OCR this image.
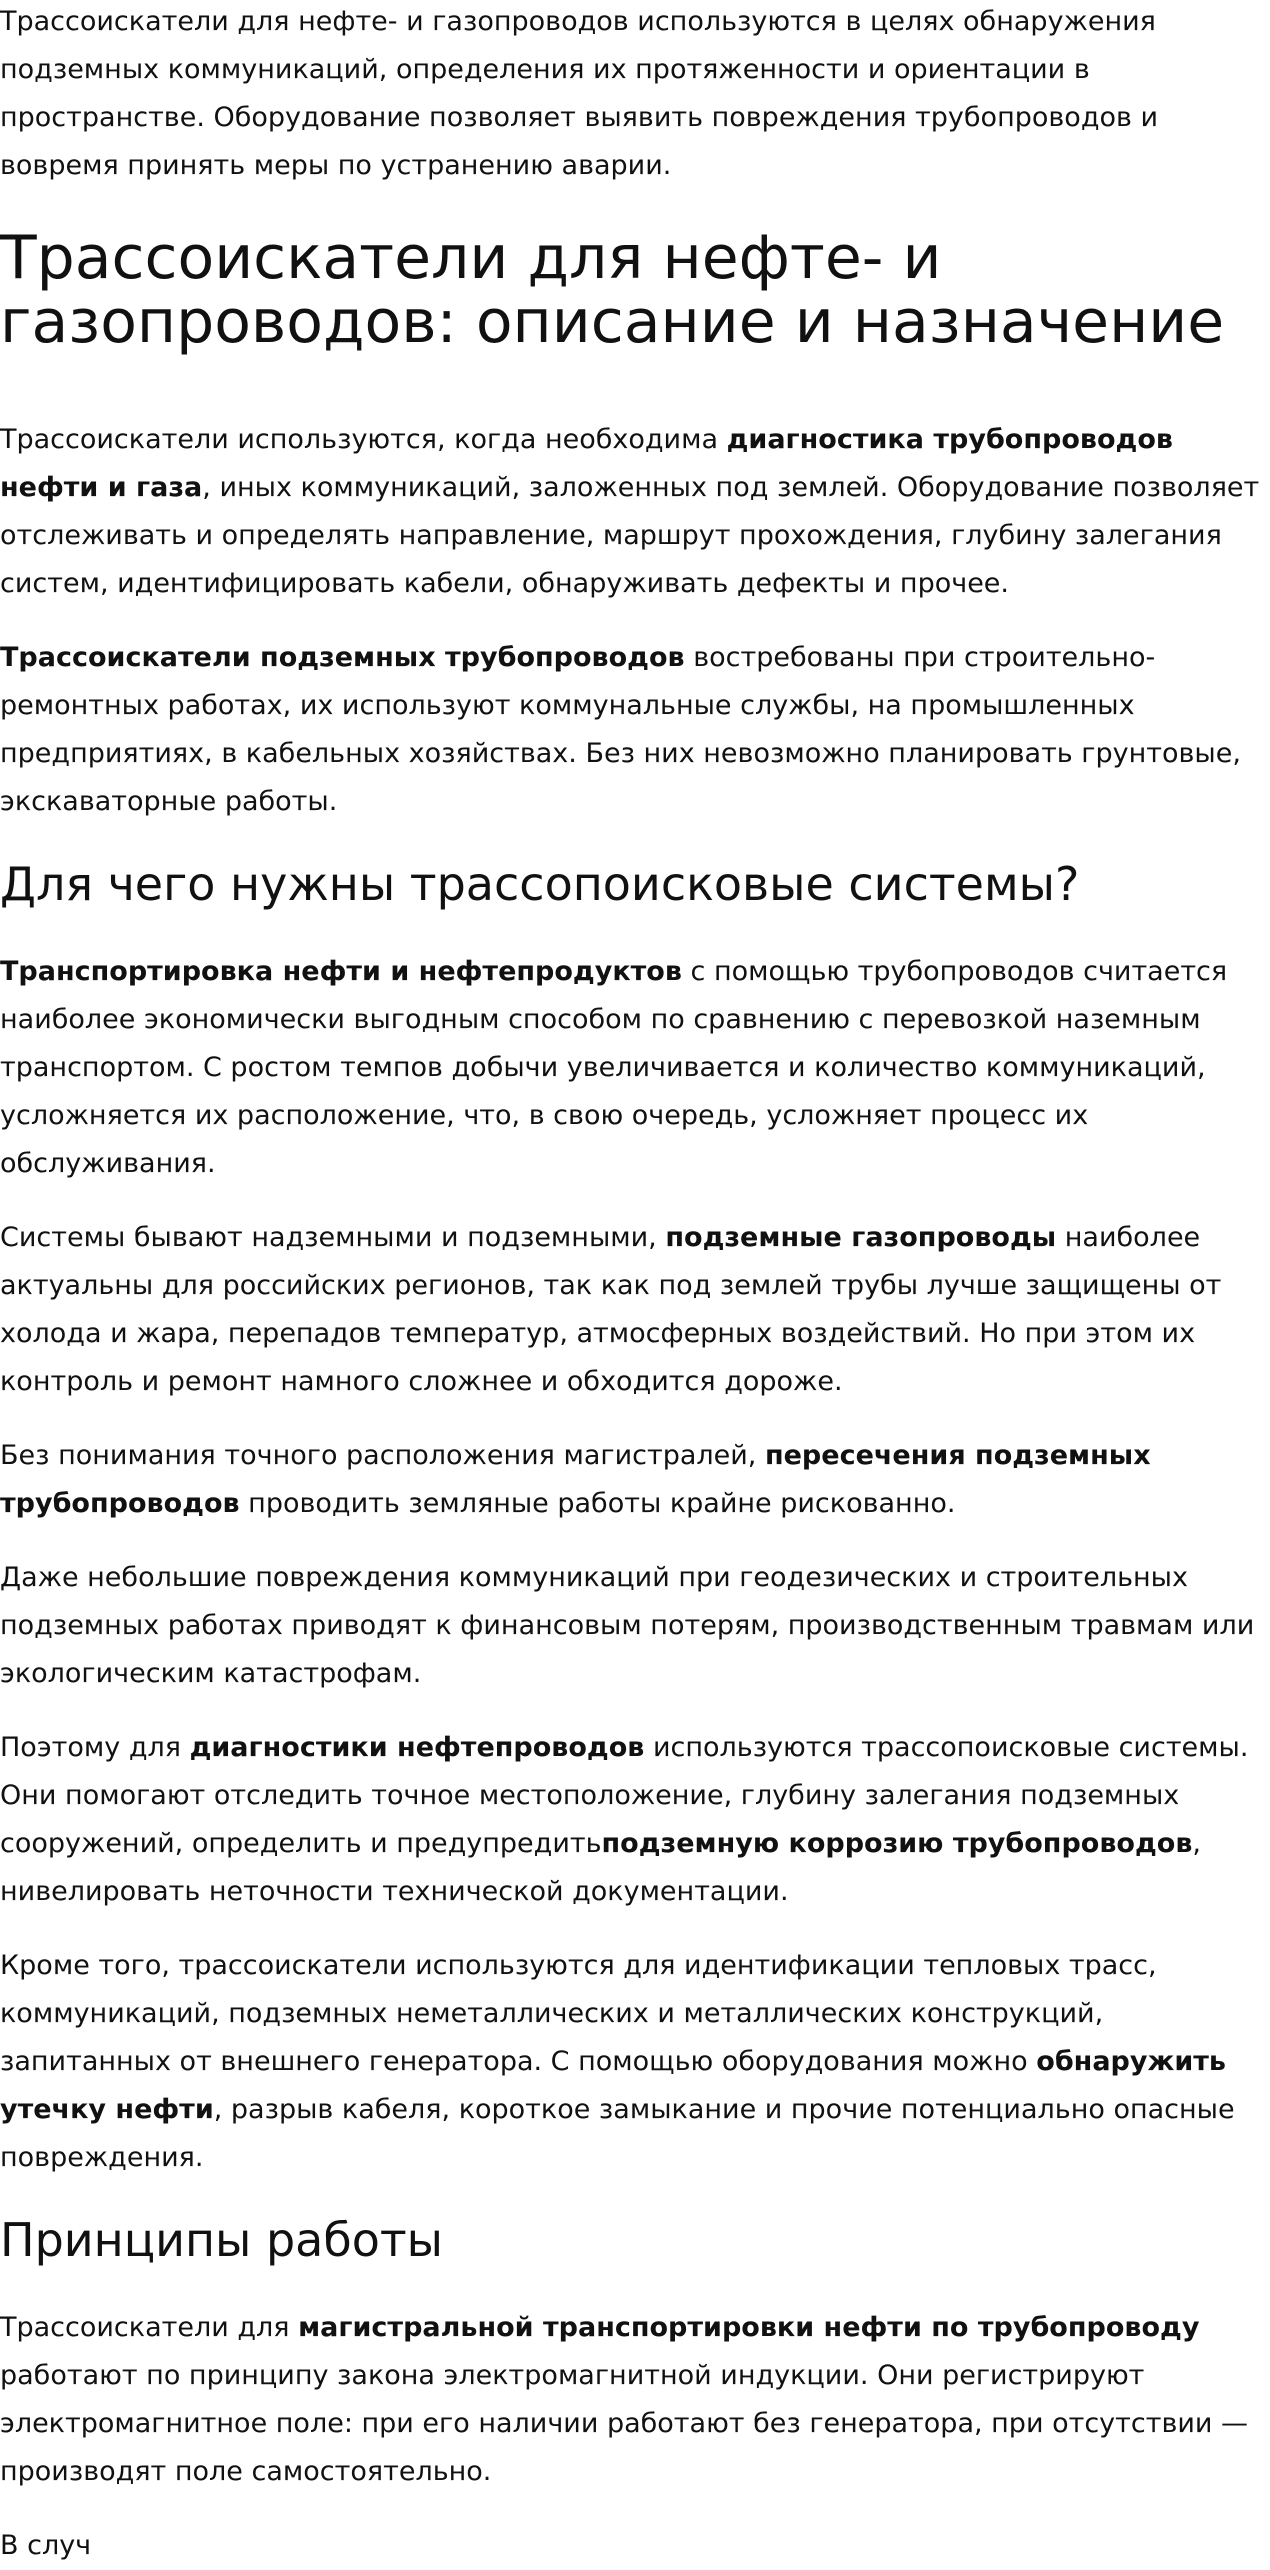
Трассоискатели для нефте- и газопроводов используются в целях обнаружения подземных коммуникаций, определения их протяженности и ориентации в пространстве. Оборудование позволяет выявить повреждения трубопроводов и вовремя принять меры по устранению аварии.

Трассоискатели для нефте- и газопроводов: описание и назначение

Трассоискатели используются, когда необходима диагностика трубопроводов нефти и газа, иных коммуникаций, заложенных под землей. Оборудование позволяет отслеживать и определять направление, маршрут прохождения, глубину залегания систем, идентифицировать кабели, обнаруживать дефекты и прочее.

Трассоискатели подземных трубопроводов востребованы при строительно-ремонтных работах, их используют коммунальные службы, на промышленных предприятиях, в кабельных хозяйствах. Без них невозможно планировать грунтовые, экскаваторные работы.

Для чего нужны трассопоисковые системы?

Транспортировка нефти и нефтепродуктов с помощью трубопроводов считается наиболее экономически выгодным способом по сравнению с перевозкой наземным транспортом. С ростом темпов добычи увеличивается и количество коммуникаций, усложняется их расположение, что, в свою очередь, усложняет процесс их обслуживания.

Системы бывают надземными и подземными, подземные газопроводы наиболее актуальны для российских регионов, так как под землей трубы лучше защищены от холода и жара, перепадов температур, атмосферных воздействий. Но при этом их контроль и ремонт намного сложнее и обходится дороже.

Без понимания точного расположения магистралей, пересечения подземных трубопроводов проводить земляные работы крайне рискованно.

Даже небольшие повреждения коммуникаций при геодезических и строительных подземных работах приводят к финансовым потерям, производственным травмам или экологическим катастрофам.

Поэтому для диагностики нефтепроводов используются трассопоисковые системы. Они помогают отследить точное местоположение, глубину залегания подземных сооружений, определить и предупредитьподземную коррозию трубопроводов, нивелировать неточности технической документации.

Кроме того, трассоискатели используются для идентификации тепловых трасс, коммуникаций, подземных неметаллических и металлических конструкций, запитанных от внешнего генератора. С помощью оборудования можно обнаружить утечку нефти, разрыв кабеля, короткое замыкание и прочие потенциально опасные повреждения.

Принципы работы

Трассоискатели для магистральной транспортировки нефти по трубопроводу работают по принципу закона электромагнитной индукции. Они регистрируют электромагнитное поле: при его наличии работают без генератора, при отсутствии — производят поле самостоятельно.

В случ
